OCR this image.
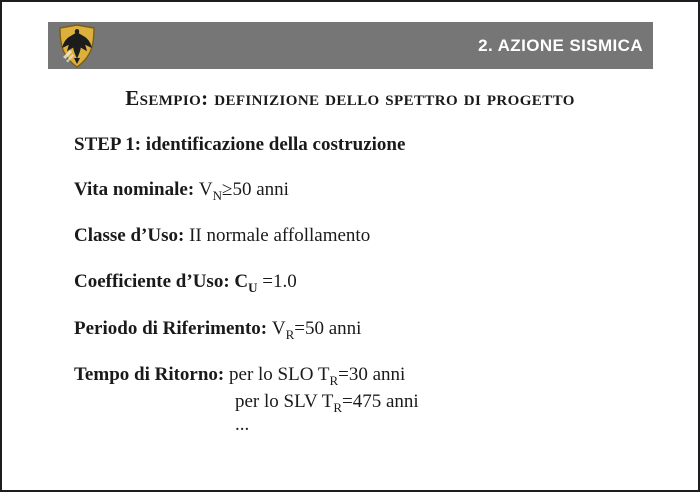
2. AZIONE SISMICA
Esempio: definizione dello spettro di progetto
STEP 1: identificazione della costruzione
Vita nominale: $V_N\ge 50$ anni
Classe d’Uso: II normale affollamento
Coefficiente d’Uso: $C_U =1.0$
Periodo di Riferimento: $V_R=50$ anni
Tempo di Ritorno: per lo SLO $T_R=30$ anni
per lo SLV $T_R=475$ anni
...
